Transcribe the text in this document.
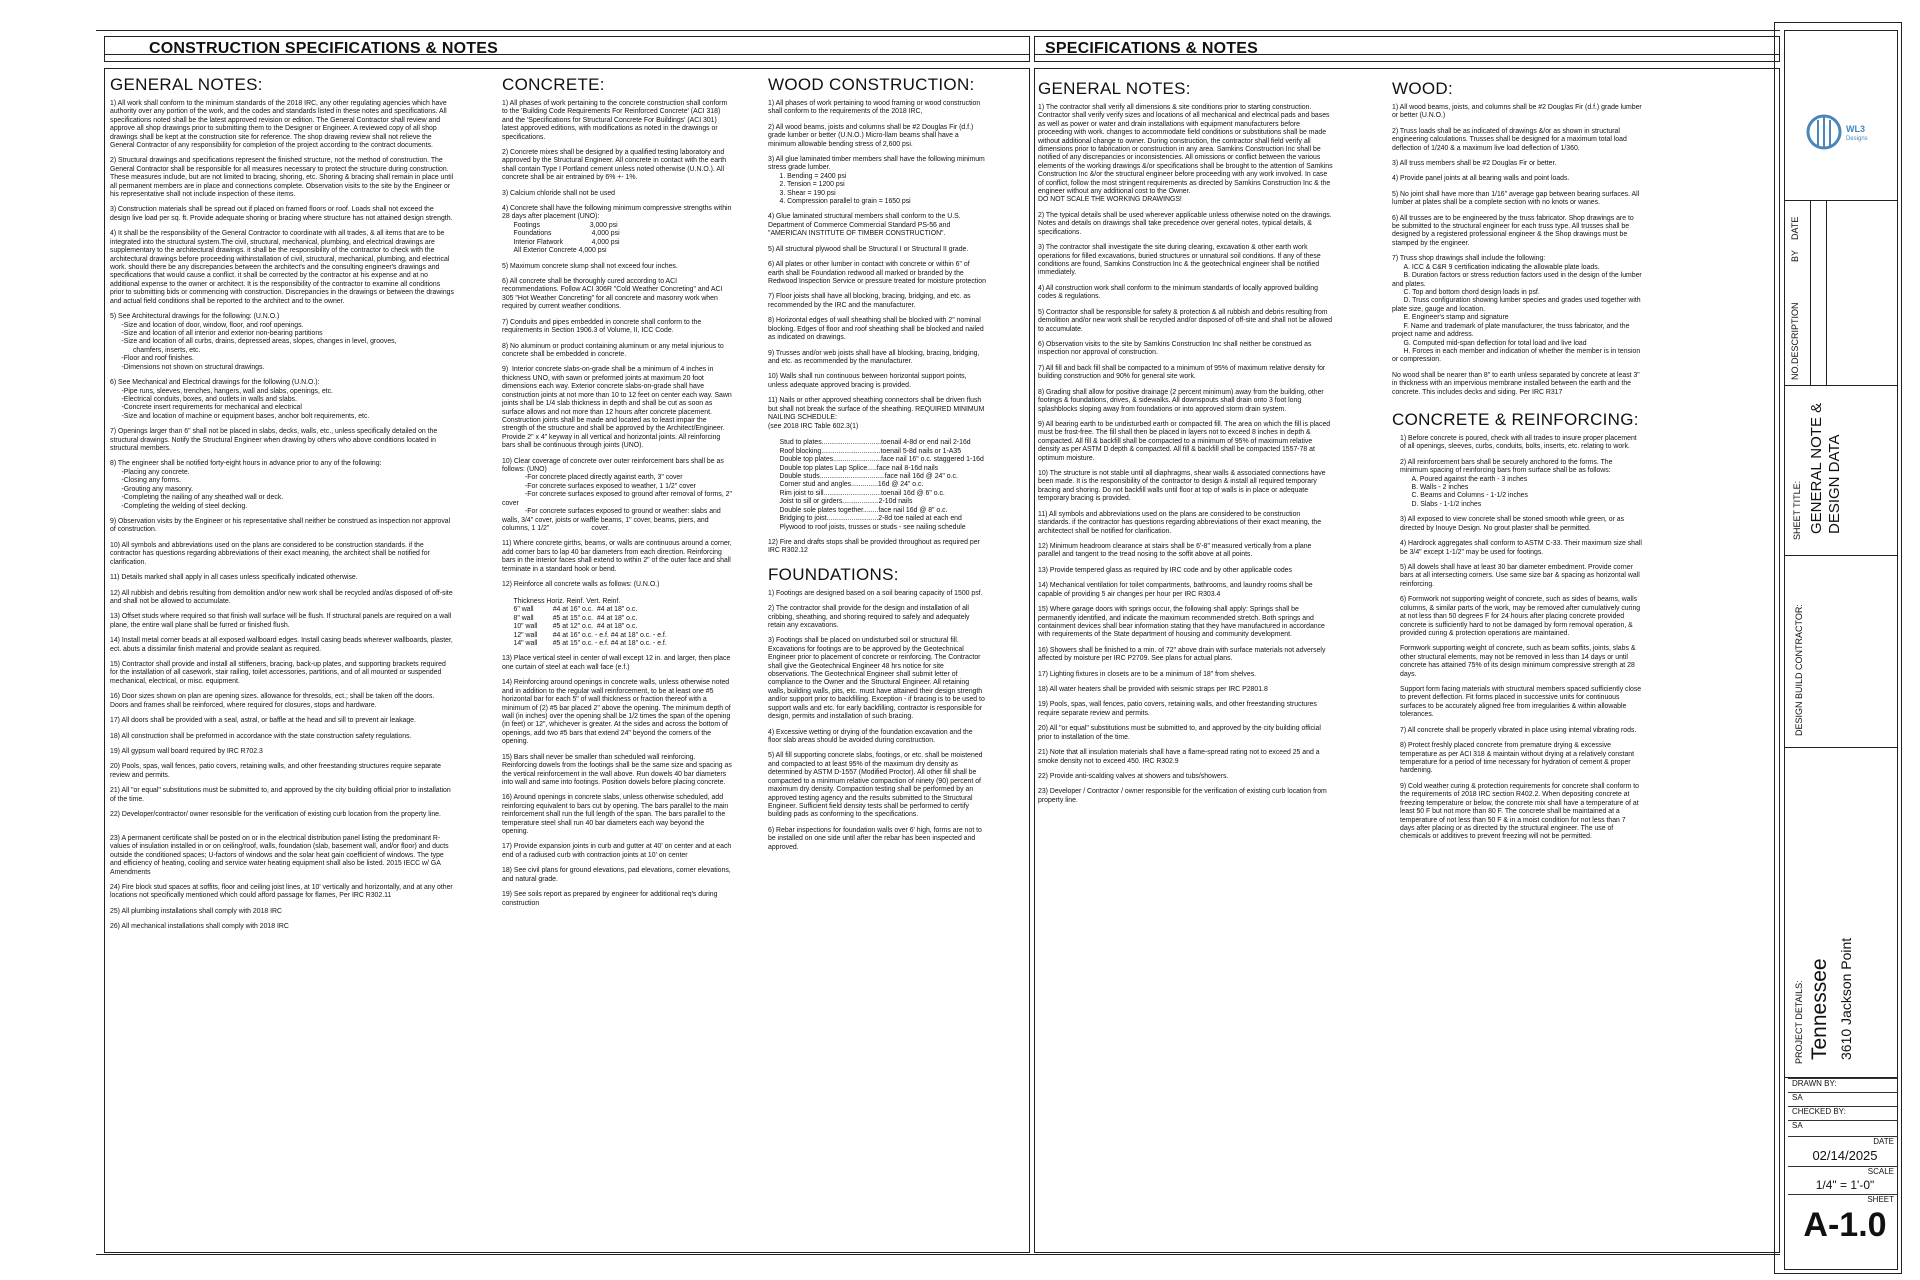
CONSTRUCTION SPECIFICATIONS & NOTES	SPECIFICATIONS & NOTES
GENERAL NOTES:

1) All work shall conform to the minimum standards of the 2018 IRC, any other regulating agencies which have authority over any portion of the work, and the codes and standards listed in these notes and specifications. All specifications noted shall be the latest approved revision or edition. The General Contractor shall review and approve all shop drawings prior to submitting them to the Designer or Engineer. A reviewed copy of all shop drawings shall be kept at the construction site for reference. The shop drawing review shall not relieve the General Contractor of any responsibility for completion of the project according to the contract documents.

2) Structural drawings and specifications represent the finished structure, not the method of construction. The General Contractor shall be responsible for all measures necessary to protect the structure during construction. These measures include, but are not limited to bracing, shoring, etc. Shoring & bracing shall remain in place until all permanent members are in place and connections complete. Observation visits to the site by the Engineer or his representative shall not include inspection of these items.

3) Construction materials shall be spread out if placed on framed floors or roof. Loads shall not exceed the design live load per sq. ft. Provide adequate shoring or bracing where structure has not attained design strength.

4) It shall be the responsibility of the General Contractor to coordinate with all trades, & all items that are to be integrated into the structural system.The civil, structural, mechanical, plumbing, and electrical drawings are supplementary to the architectural drawings. it shall be the responsibility of the contractor to check with the architectural drawings before proceeding withinstallation of civil, structural, mechanical, plumbing, and electrical work. should there be any discrepancies between the architect's and the consulting engineer's drawings and specifications that would cause a conflict. it shall be corrected by the contractor at his expense and at no additional expense to the owner or architect. It is the responsibility of the contractor to examine all conditions prior to submitting bids or commencing with construction. Discrepancies in the drawings or between the drawings and actual field conditions shall be reported to the architect and to the owner.

5) See Architectural drawings for the following: (U.N.O.)
-Size and location of door, window, floor, and roof openings.
-Size and location of all interior and exterior non-bearing partitions
-Size and location of all curbs, drains, depressed areas, slopes, changes in level, grooves,
chamfers, inserts, etc.
-Floor and roof finishes.
-Dimensions not shown on structural drawings.

6) See Mechanical and Electrical drawings for the following (U.N.O.):
-Pipe runs, sleeves, trenches, hangers, wall and slabs, openings, etc.
-Electrical conduits, boxes, and outlets in walls and slabs.
-Concrete insert requirements for mechanical and electrical
-Size and location of machine or equipment bases, anchor bolt requirements, etc.

7) Openings larger than 6" shall not be placed in slabs, decks, walls, etc., unless specifically detailed on the structural drawings. Notify the Structural Engineer when drawing by others who above conditions located in structural members.

8) The engineer shall be notified forty-eight hours in advance prior to any of the following:
-Placing any concrete.
-Closing any forms.
-Grouting any masonry.
-Completing the nailing of any sheathed wall or deck.
-Completing the welding of steel decking.

9) Observation visits by the Engineer or his representative shall neither be construed as inspection nor approval of construction.

10) All symbols and abbreviations used on the plans are considered to be construction standards. if the contractor has questions regarding abbreviations of their exact meaning, the architect shall be notified for clarification.

11) Details marked shall apply in all cases unless specifically indicated otherwise.

12) All rubbish and debris resulting from demolition and/or new work shall be recycled and/as disposed of off-site and shall not be allowed to accumulate.

13) Offset studs where required so that finish wall surface will be flush. If structural panels are required on a wall plane, the entire wall plane shall be furred or finished flush.

14) Install metal corner beads at all exposed wallboard edges. Install casing beads wherever wallboards, plaster, ect. abuts a dissimilar finish material and provide sealant as required.

15) Contractor shall provide and install all stiffeners, bracing, back-up plates, and supporting brackets required for the installation of all casework, stair railing, toilet accessories, partitions, and of all mounted or suspended mechanical, electrical, or misc. equipment.

16) Door sizes shown on plan are opening sizes. allowance for thresolds, ect.; shall be taken off the doors. Doors and frames shall be reinforced, where required for closures, stops and hardware.

17) All doors shall be provided with a seal, astral, or baffle at the head and sill to prevent air leakage.

18) All construction shall be preformed in accordance with the state construction safety regulations.

19) All gypsum wall board required by IRC R702.3

20) Pools, spas, wall fences, patio covers, retaining walls, and other freestanding structures require separate review and permits.

21) All "or equal" substitutions must be submitted to, and approved by the city building official prior to installation of the time.

22) Developer/contractor/ owner resonsible for the verification of existing curb location from the property line.

23) A permanent certificate shall be posted on or in the electrical distribution panel listing the predominant R-values of insulation installed in or on ceiling/roof, walls, foundation (slab, basement wall, and/or floor) and ducts outside the conditioned spaces; U-factors of windows and the solar heat gain coefficient of windows. The type and efficiency of heating, cooling and service water heating equipment shall also be listed. 2015 IECC w/ GA Amendments

24) Fire block stud spaces at soffits, floor and ceiling joist lines, at 10' vertically and horizontally, and at any other locations not specifically mentioned which could afford passage for flames, Per IRC R302.11

25) All plumbing installations shall comply with 2018 IRC

26) All mechanical installations shall comply with 2018 IRC

CONCRETE:

1) All phases of work pertaining to the concrete construction shall conform to the 'Building Code Requirements For Reinforced Concrete' (ACI 318) and the 'Specifications for Structural Concrete For Buildings' (ACI 301) latest approved editions, with modifications as noted in the drawings or specifications.

2) Concrete mixes shall be designed by a qualified testing laboratory and approved by the Structural Engineer. All concrete in contact with the earth shall contain Type I Portland cement unless noted otherwise (U.N.O.). All concrete shall be air entrained by 6% +- 1%.

3) Calcium chloride shall not be used

4) Concrete shall have the following minimum compressive strengths within 28 days after placement (UNO):
Footings                          3,000 psi
Foundations                     4,000 psi
Interior Flatwork               4,000 psi
All Exterior Concrete 4,000 psi

5) Maximum concrete slump shall not exceed four inches.

6) All concrete shall be thoroughly cured according to ACI recommendations. Follow ACI 306R "Cold Weather Concreting" and ACI 305 "Hot Weather Concreting" for all concrete and masonry work when required by current weather conditions.

7) Conduits and pipes embedded in concrete shall conform to the requirements in Section 1906.3 of Volume, II, ICC Code.

8) No aluminum or product containing aluminum or any metal injurious to concrete shall be embedded in concrete.

9)  Interior concrete slabs-on-grade shall be a minimum of 4 inches in thickness UNO, with sawn or preformed joints at maximum 20 foot dimensions each way. Exterior concrete slabs-on-grade shall have construction joints at not more than 10 to 12 feet on center each way. Sawn joints shall be 1/4 slab thickness in depth and shall be cut as soon as surface allows and not more than 12 hours after concrete placement. Construction joints shall be made and located as to least impair the strength of the structure and shall be approved by the Architect/Engineer. Provide 2" x 4" keyway in all vertical and horizontal joints. All reinforcing bars shall be continuous through joints (UNO).

10) Clear coverage of concrete over outer reinforcement bars shall be as follows: (UNO)
-For concrete placed directly against earth, 3" cover
-For concrete surfaces exposed to weather, 1 1/2" cover
-For concrete surfaces exposed to ground after removal of forms, 2" cover
-For concrete surfaces exposed to ground or weather: slabs and walls, 3/4" cover, joists or waffle beams, 1" cover, beams, piers, and columns, 1 1/2"                      cover.

11) Where concrete girths, beams, or walls are continuous around a corner, add corner bars to lap 40 bar diameters from each direction. Reinforcing bars in the interior faces shall extend to within 2" of the outer face and shall terminate in a standard hook or bend.

12) Reinforce all concrete walls as follows: (U.N.O.)

Thickness Horiz. Reinf. Vert. Reinf.
6" wall          #4 at 16" o.c.  #4 at 18" o.c.
8" wall          #5 at 15" o.c.  #4 at 18" o.c.
10" wall        #5 at 12" o.c.  #4 at 18" o.c.
12" wall        #4 at 16" o.c. - e.f. #4 at 18" o.c. - e.f.
14" wall        #5 at 15" o.c. - e.f. #4 at 18" o.c. - e.f.

13) Place vertical steel in center of wall except 12 in. and larger, then place one curtain of steel at each wall face (e.f.)

14) Reinforcing around openings in concrete walls, unless otherwise noted and in addition to the regular wall reinforcement, to be at least one #5 horizontal bar for each 5" of wall thickness or fraction thereof with a minimum of (2) #5 bar placed 2" above the opening. The minimum depth of wall (in inches) over the opening shall be 1/2 times the span of the opening (in feet) or 12", whichever is greater. At the sides and across the bottom of openings, add two #5 bars that extend 24" beyond the corners of the opening.

15) Bars shall never be smaller than scheduled wall reinforcing. Reinforcing dowels from the footings shall be the same size and spacing as the vertical reinforcement in the wall above. Run dowels 40 bar diameters into wall and same into footings. Position dowels before placing concrete.

16) Around openings in concrete slabs, unless otherwise scheduled, add reinforcing equivalent to bars cut by opening. The bars parallel to the main reinforcement shall run the full length of the span. The bars parallel to the temperature steel shall run 40 bar diameters each way beyond the opening.

17) Provide expansion joints in curb and gutter at 40' on center and at each end of a radiused curb with contraction joints at 10' on center

18) See civil plans for ground elevations, pad elevations, corner elevations, and natural grade.

19) See soils report as prepared by engineer for additional req's during construction

WOOD CONSTRUCTION:

1) All phases of work pertaining to wood framing or wood construction shall conform to the requirements of the 2018 IRC,

2) All wood beams, joists and columns shall be #2 Douglas Fir (d.f.) grade lumber or better (U.N.O.) Micro-llam beams shall have a minimum allowable bending stress of 2,600 psi.

3) All glue laminated timber members shall have the following minimum stress grade lumber.
1. Bending = 2400 psi
2. Tension = 1200 psi
3. Shear = 190 psi
4. Compression parallel to grain = 1650 psi

4) Glue laminated structural members shall conform to the U.S. Department of Commerce Commercial Standard PS-56 and "AMERICAN INSTITUTE OF TIMBER CONSTRUCTION".

5) All structural plywood shall be Structural I or Structural II grade.

6) All plates or other lumber in contact with concrete or within 6" of earth shall be Foundation redwood all marked or branded by the Redwood Inspection Service or pressure treated for moisture protection

7) Floor joists shall have all blocking, bracing, bridging, and etc. as recommended by the IRC and the manufacturer.

8) Horizontal edges of wall sheathing shall be blocked with 2" nominal blocking. Edges of floor and roof sheathing shall be blocked and nailed as indicated on drawings.

9) Trusses and/or web joists shall have all blocking, bracing, bridging, and etc. as recommended by the manufacturer.

10) Walls shall run continuous between horizontal support points, unless adequate approved bracing is provided.

11) Nails or other approved sheathing connectors shall be driven flush but shall not break the surface of the sheathing. REQUIRED MINIMUM NAILING SCHEDULE:
(see 2018 IRC Table 602.3(1)

Stud to plates...............................toenail 4-8d or end nail 2-16d
Roof blocking...............................toenail 5-8d nails or 1-A35
Double top plates.........................face nail 16" o.c. staggered 1-16d
Double top plates Lap Splice.....face nail 8-16d nails
Double studs..................................face nail 16d @ 24" o.c.
Corner stud and angles..............16d @ 24" o.c.
Rim joist to sill..............................toenail 16d @ 6" o.c.
Joist to sill or girders...................2-10d nails
Double sole plates together........face nail 16d @ 8" o.c.
Bridging to joist...........................2-8d toe nailed at each end
Plywood to roof joists, trusses or studs - see nailing schedule

12) Fire and drafts stops shall be provided throughout as required per IRC R302.12

FOUNDATIONS:

1) Footings are designed based on a soil bearing capacity of 1500 psf.

2) The contractor shall provide for the design and installation of all cribbing, sheathing, and shoring required to safely and adequately retain any excavations.

3) Footings shall be placed on undisturbed soil or structural fill. Excavations for footings are to be approved by the Geotechnical Engineer prior to placement of concrete or reinforcing. The Contractor shall give the Geotechnical Engineer 48 hrs notice for site observations. The Geotechnical Engineer shall submit letter of compliance to the Owner and the Structural Engineer. All retaining walls, building walls, pits, etc. must have attained their design strength and/or support prior to backfilling. Exception - if bracing is to be used to support walls and etc. for early backfilling, contractor is responsible for design, permits and installation of such bracing.

4) Excessive wetting or drying of the foundation excavation and the floor slab areas should be avoided during construction.

5) All fill supporting concrete slabs, footings, or etc. shall be moistened and compacted to at least 95% of the maximum dry density as determined by ASTM D-1557 (Modified Proctor). All other fill shall be compacted to a minimum relative compaction of ninety (90) percent of maximum dry density. Compaction testing shall be performed by an approved testing agency and the results submitted to the Structural Engineer. Sufficient field density tests shall be performed to certify building pads as conforming to the specifications.

6) Rebar inspections for foundation walls over 6' high, forms are not to be installed on one side until after the rebar has been inspected and approved.

GENERAL NOTES:

1) The contractor shall verify all dimensions & site conditions prior to starting construction. Contractor shall verify verify sizes and locations of all mechanical and electrical pads and bases as well as power or water and drain installations with equipment manufacturers before proceeding with work. changes to accommodate field conditions or substitutions shall be made without additional change to owner. During construction, the contractor shall field verify all dimensions prior to fabrication or construction in any area. Samkins Construction Inc shall be notified of any discrepancies or inconsistencies. All omissions or conflict between the various elements of the working drawings &/or specifications shall be brought to the attention of Samkins Construction Inc &/or the structural engineer before proceeding with any work involved. In case of conflict, follow the most stringent requirements as directed by Samkins Construction Inc & the engineer without any additional cost to the Owner.
DO NOT SCALE THE WORKING DRAWINGS!

2) The typical details shall be used wherever applicable unless otherwise noted on the drawings. Notes and details on drawings shall take precedence over general notes, typical details, & specifications.

3) The contractor shall investigate the site during clearing, excavation & other earth work operations for filled excavations, buried structures or unnatural soil conditions. If any of these conditions are found, Samkins Construction Inc & the geotechnical engineer shall be notified immediately.

4) All construction work shall conform to the minimum standards of locally approved building codes & regulations.

5) Contractor shall be responsible for safety & protection & all rubbish and debris resulting from demolition and/or new work shall be recycled and/or disposed of off-site and shall not be allowed to accumulate.

6) Observation visits to the site by Samkins Construction Inc shall neither be construed as inspection nor approval of construction.

7) All fill and back fill shall be compacted to a minimum of 95% of maximum relative density for building construction and 90% for general site work.

8) Grading shall allow for positive drainage (2 percent minimum) away from the building, other footings & foundations, drives, & sidewalks. All downspouts shall drain onto 3 foot long splashblocks sloping away from foundations or into approved storm drain system.

9) All bearing earth to be undisturbed earth or compacted fill. The area on which the fill is placed must be frost-free. The fill shall then be placed in layers not to exceed 8 inches in depth & compacted. All fill & backfill shall be compacted to a minimum of 95% of maximum relative density as per ASTM D depth & compacted. All fill & backfill shall be compacted 1557-78 at optimum moisture.

10) The structure is not stable until all diaphragms, shear walls & associated connections have been made. It is the responsibility of the contractor to design & install all required temporary bracing and shoring. Do not backfill walls until floor at top of walls is in place or adequate temporary bracing is provided.

11) All symbols and abbreviations used on the plans are considered to be construction standards. if the contractor has questions regarding abbreviations of their exact meaning, the architectect shall be notified for clarification.

12) Minimum headroom clearance at stairs shall be 6'-8" measured vertically from a plane parallel and tangent to the tread nosing to the soffit above at all points.

13) Provide tempered glass as required by IRC code and by other applicable codes

14) Mechanical ventilation for toilet compartments, bathrooms, and laundry rooms shall be capable of providing 5 air changes per hour per IRC R303.4

15) Where garage doors with springs occur, the following shall apply: Springs shall be permanently identified, and indicate the maximum recommended stretch. Both springs and containment devices shall bear information stating that they have manufactured in accordance with requirements of the State department of housing and community development.

16) Showers shall be finished to a min. of 72" above drain with surface materials not adversely affected by moisture per IRC P2709. See plans for actual plans.

17) Lighting fixtures in closets are to be a minimum of 18" from shelves.

18) All water heaters shall be provided with seismic straps per IRC P2801.8

19) Pools, spas, wall fences, patio covers, retaining walls, and other freestanding structures require separate review and permits.

20) All "or equal" substitutions must be submitted to, and approved by the city building official prior to installation of the time.

21) Note that all insulation materials shall have a flame-spread rating not to exceed 25 and a smoke density not to exceed 450. IRC R302.9

22) Provide anti-scalding valves at showers and tubs/showers.

23) Developer / Contractor / owner responsible for the verification of existing curb location from property line.

WOOD:

1) All wood beams, joists, and columns shall be #2 Douglas Fir (d.f.) grade lumber or better (U.N.O.)

2) Truss loads shall be as indicated of drawings &/or as shown in structural engineering calculations. Trusses shall be designed for a maximum total load deflection of 1/240 & a maximum live load deflection of 1/360.

3) All truss members shall be #2 Douglas Fir or better.

4) Provide panel joints at all bearing walls and point loads.

5) No joint shall have more than 1/16" average gap between bearing surfaces. All lumber at plates shall be a complete section with no knots or wanes.

6) All trusses are to be engineered by the truss fabricator. Shop drawings are to be submitted to the structural engineer for each truss type. All trusses shall be designed by a registered professional engineer & the Shop drawings must be stamped by the engineer.

7) Truss shop drawings shall include the following:
A. ICC & C&R 9 certification indicating the allowable plate loads.
B. Duration factors or stress reduction factors used in the design of the lumber and plates.
C. Top and bottom chord design loads in psf.
D. Truss configuration showing lumber species and grades used together with plate size, gauge and location.
E. Engineer's stamp and signature
F. Name and trademark of plate manufacturer, the truss fabricator, and the project name and address.
G. Computed mid-span deflection for total load and live load
H. Forces in each member and indication of whether the member is in tension or compression.

No wood shall be nearer than 8" to earth unless separated by concrete at least 3" in thickness with an impervious membrane installed between the earth and the concrete. This includes decks and siding. Per IRC R317

CONCRETE & REINFORCING:

1) Before concrete is poured, check with all trades to insure proper placement of all openings, sleeves, curbs, conduits, bolts, inserts, etc. relating to work.

2) All reinforcement bars shall be securely anchored to the forms. The minimum spacing of reinforcing bars from surface shall be as follows:
A. Poured against the earth - 3 inches
B. Walls - 2 inches
C. Beams and Columns - 1-1/2 inches
D. Slabs - 1-1/2 inches

3) All exposed to view concrete shall be stoned smooth while green, or as directed by Inouye Design. No grout plaster shall be permitted.

4) Hardrock aggregates shall conform to ASTM C-33. Their maximum size shall be 3/4" except 1-1/2" may be used for footings.

5) All dowels shall have at least 30 bar diameter embedment. Provide corner bars at all intersecting corners. Use same size bar & spacing as horizontal wall reinforcing.

6) Formwork not supporting weight of concrete, such as sides of beams, walls columns, & similar parts of the work, may be removed after cumulatively curing at not less than 50 degrees F for 24 hours after placing concrete provided concrete is sufficiently hard to not be damaged by form removal operation, & provided curing & protection operations are maintained.

Formwork supporting weight of concrete, such as beam soffits, joints, slabs & other structural elements, may not be removed in less than 14 days or until concrete has attained 75% of its design minimum compressive strength at 28 days.

Support form facing materials with structural members spaced sufficiently close to prevent deflection. Fit forms placed in successive units for continuous surfaces to be accurately aligned free from irregularities & within allowable tolerances.

7) All concrete shall be properly vibrated in place using internal vibrating rods.

8) Protect freshly placed concrete from premature drying & excessive temperature as per ACI 318 & maintain without drying at a relatively constant temperature for a period of time necessary for hydration of cement & proper hardening.

9) Cold weather curing & protection requirements for concrete shall conform to the requirements of 2018 IRC section R402.2. When depositing concrete at freezing temperature or below, the concrete mix shall have a temperature of at least 50 F but not more than 80 F. The concrete shall be maintained at a temperature of not less than 50 F & in a moist condition for not less than 7 days after placing or as directed by the structural engineer. The use of chemicals or additives to prevent freezing will not be permitted.

WL3
Designs
NO.
DESCRIPTION
BY
DATE
SHEET TITLE: GENERAL NOTE & DESIGN DATA
DESIGN BUILD CONTRACTOR:
PROJECT DETAILS: Tennessee 3610 Jackson Point
DRAWN BY:
SA
CHECKED BY:
SA
DATE
02/14/2025
SCALE
1/4" = 1'-0"
SHEET
A-1.0
